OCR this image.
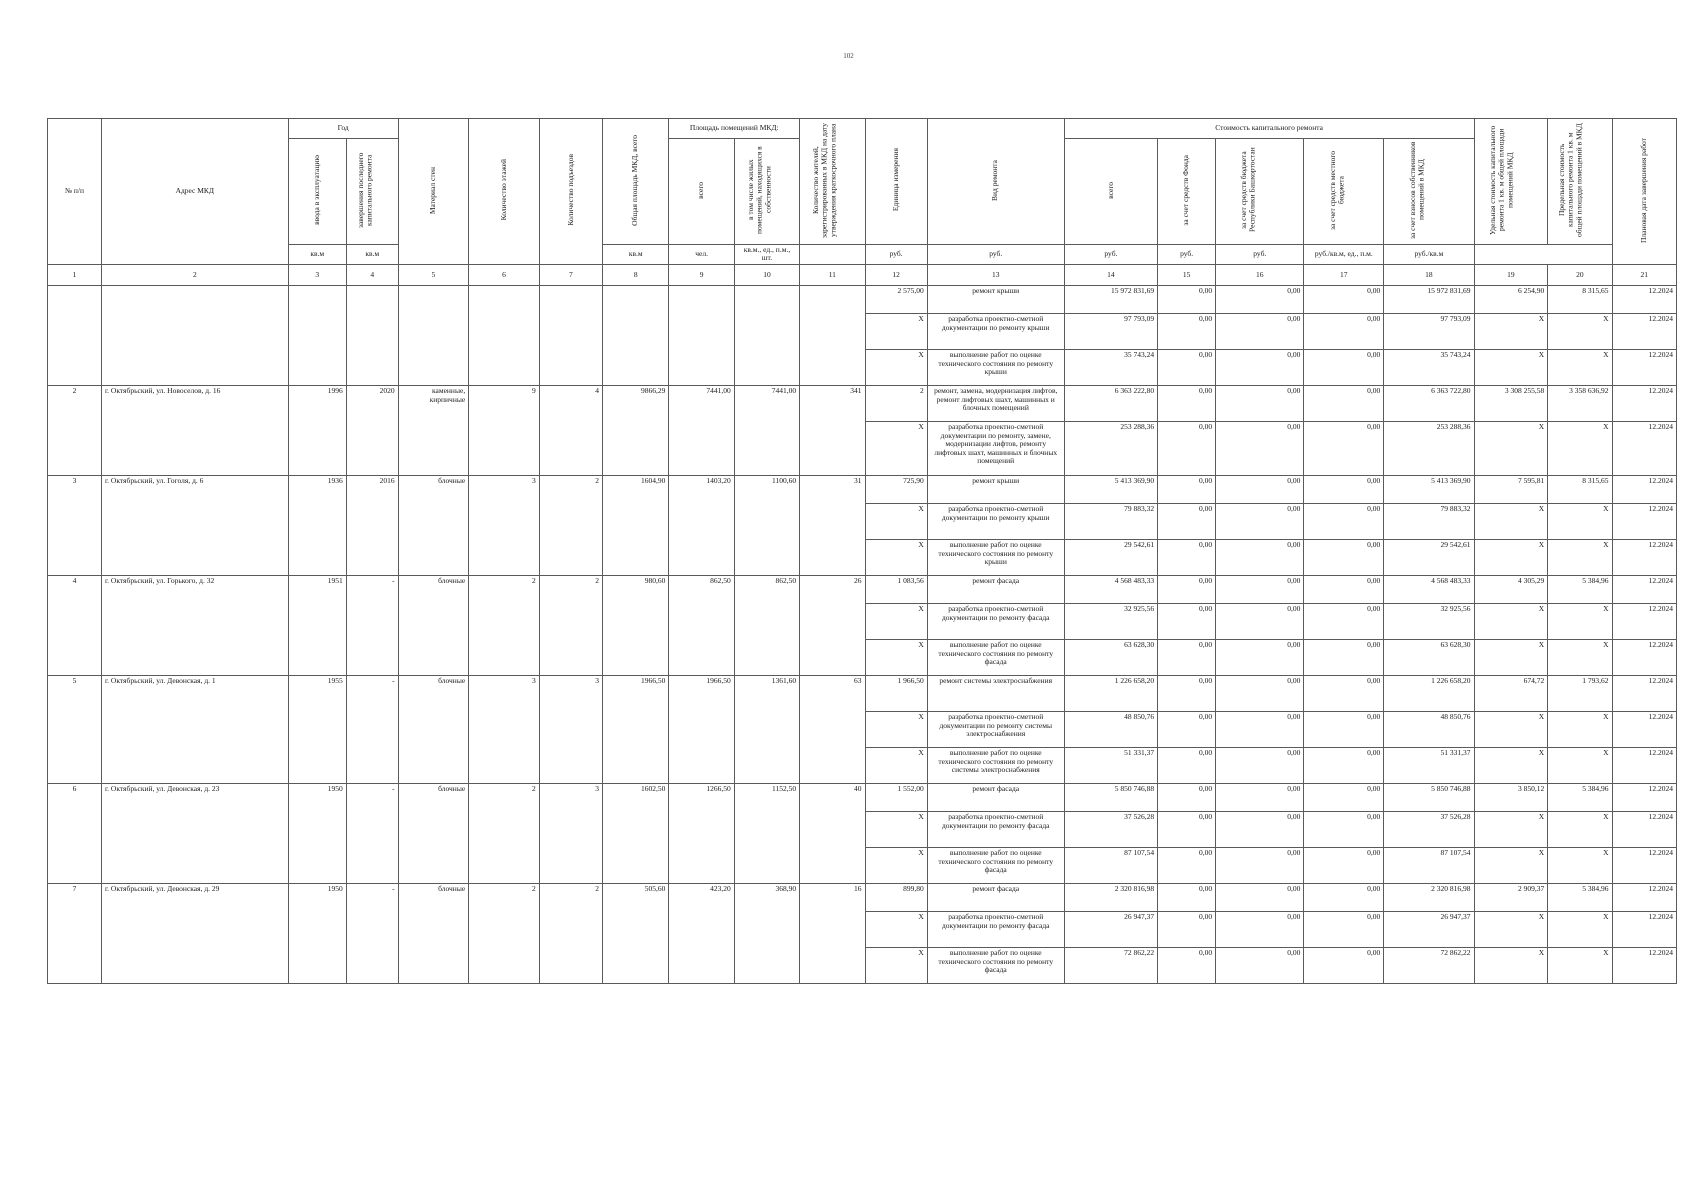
102
№ п/п	Адрес МКД	Год		Материал стен	Количество этажей	Количество подъездов	Общая площадь МКД, всего	Площадь помещений МКД:		Количество жителей, зарегистрированных в МКД на дату утверждения краткосрочного плана	Единица измерения	Вид ремонта	Стоимость капитального ремонта					Удельная стоимость капитального ремонта 1 кв. м общей площади помещений МКД	Предельная стоимость капитального ремонта 1 кв. м общей площади помещений в МКД	Плановая дата завершения работ
		ввода в эксплуатацию	завершения последнего капитального ремонта					всего	в том числе жилых помещений, находящихся в собственности				всего	за счет средств Фонда	за счет средств бюджета Республики Башкортостан	за счет средств местного бюджета	за счет взносов собственников помещений в МКД			
		кв.м	кв.м				кв.м	чел.	кв.м., ед., п.м., шт.		руб.	руб.	руб.	руб.	руб.	руб./кв.м, ед., п.м.	руб./кв.м			
1	2	3	4	5	6	7	8	9	10	11	12	13	14	15	16	17	18	19	20	21
											2 575,00	ремонт крыши	15 972 831,69	0,00	0,00	0,00	15 972 831,69	6 254,90	8 315,65	12.2024
											X	разработка проектно-сметной документации по ремонту крыши	97 793,09	0,00	0,00	0,00	97 793,09	X	X	12.2024
											X	выполнение работ по оценке технического состояния по ремонту крыши	35 743,24	0,00	0,00	0,00	35 743,24	X	X	12.2024
2	г. Октябрьский, ул. Новоселов, д. 16	1996	2020	каменные, кирпичные	9	4	9866,29	7441,00	7441,00	341	2	ремонт, замена, модернизация лифтов, ремонт лифтовых шахт, машинных и блочных помещений	6 363 222,80	0,00	0,00	0,00	6 363 722,80	3 308 255,58	3 358 636,92	12.2024
											X	разработка проектно-сметной документации по ремонту, замене, модернизации лифтов, ремонту лифтовых шахт, машинных и блочных помещений	253 288,36	0,00	0,00	0,00	253 288,36	X	X	12.2024
3	г. Октябрьский, ул. Гоголя, д. 6	1936	2016	блочные	3	2	1604,90	1403,20	1100,60	31	725,90	ремонт крыши	5 413 369,90	0,00	0,00	0,00	5 413 369,90	7 595,81	8 315,65	12.2024
											X	разработка проектно-сметной документации по ремонту крыши	79 883,32	0,00	0,00	0,00	79 883,32	X	X	12.2024
											X	выполнение работ по оценке технического состояния по ремонту крыши	29 542,61	0,00	0,00	0,00	29 542,61	X	X	12.2024
4	г. Октябрьский, ул. Горького, д. 32	1951	-	блочные	2	2	980,60	862,50	862,50	26	1 083,56	ремонт фасада	4 568 483,33	0,00	0,00	0,00	4 568 483,33	4 305,29	5 384,96	12.2024
											X	разработка проектно-сметной документации по ремонту фасада	32 925,56	0,00	0,00	0,00	32 925,56	X	X	12.2024
											X	выполнение работ по оценке технического состояния по ремонту фасада	63 628,30	0,00	0,00	0,00	63 628,30	X	X	12.2024
5	г. Октябрьский, ул. Девонская, д. 1	1955	-	блочные	3	3	1966,50	1966,50	1361,60	63	1 966,50	ремонт системы электроснабжения	1 226 658,20	0,00	0,00	0,00	1 226 658,20	674,72	1 793,62	12.2024
											X	разработка проектно-сметной документации по ремонту системы электроснабжения	48 850,76	0,00	0,00	0,00	48 850,76	X	X	12.2024
											X	выполнение работ по оценке технического состояния по ремонту системы электроснабжения	51 331,37	0,00	0,00	0,00	51 331,37	X	X	12.2024
6	г. Октябрьский, ул. Девонская, д. 23	1950	-	блочные	2	3	1602,50	1266,50	1152,50	40	1 552,00	ремонт фасада	5 850 746,88	0,00	0,00	0,00	5 850 746,88	3 850,12	5 384,96	12.2024
											X	разработка проектно-сметной документации по ремонту фасада	37 526,28	0,00	0,00	0,00	37 526,28	X	X	12.2024
											X	выполнение работ по оценке технического состояния по ремонту фасада	87 107,54	0,00	0,00	0,00	87 107,54	X	X	12.2024
7	г. Октябрьский, ул. Девонская, д. 29	1950	-	блочные	2	2	505,60	423,20	368,90	16	899,80	ремонт фасада	2 320 816,98	0,00	0,00	0,00	2 320 816,98	2 909,37	5 384,96	12.2024
											X	разработка проектно-сметной документации по ремонту фасада	26 947,37	0,00	0,00	0,00	26 947,37	X	X	12.2024
											X	выполнение работ по оценке технического состояния по ремонту фасада	72 862,22	0,00	0,00	0,00	72 862,22	X	X	12.2024
